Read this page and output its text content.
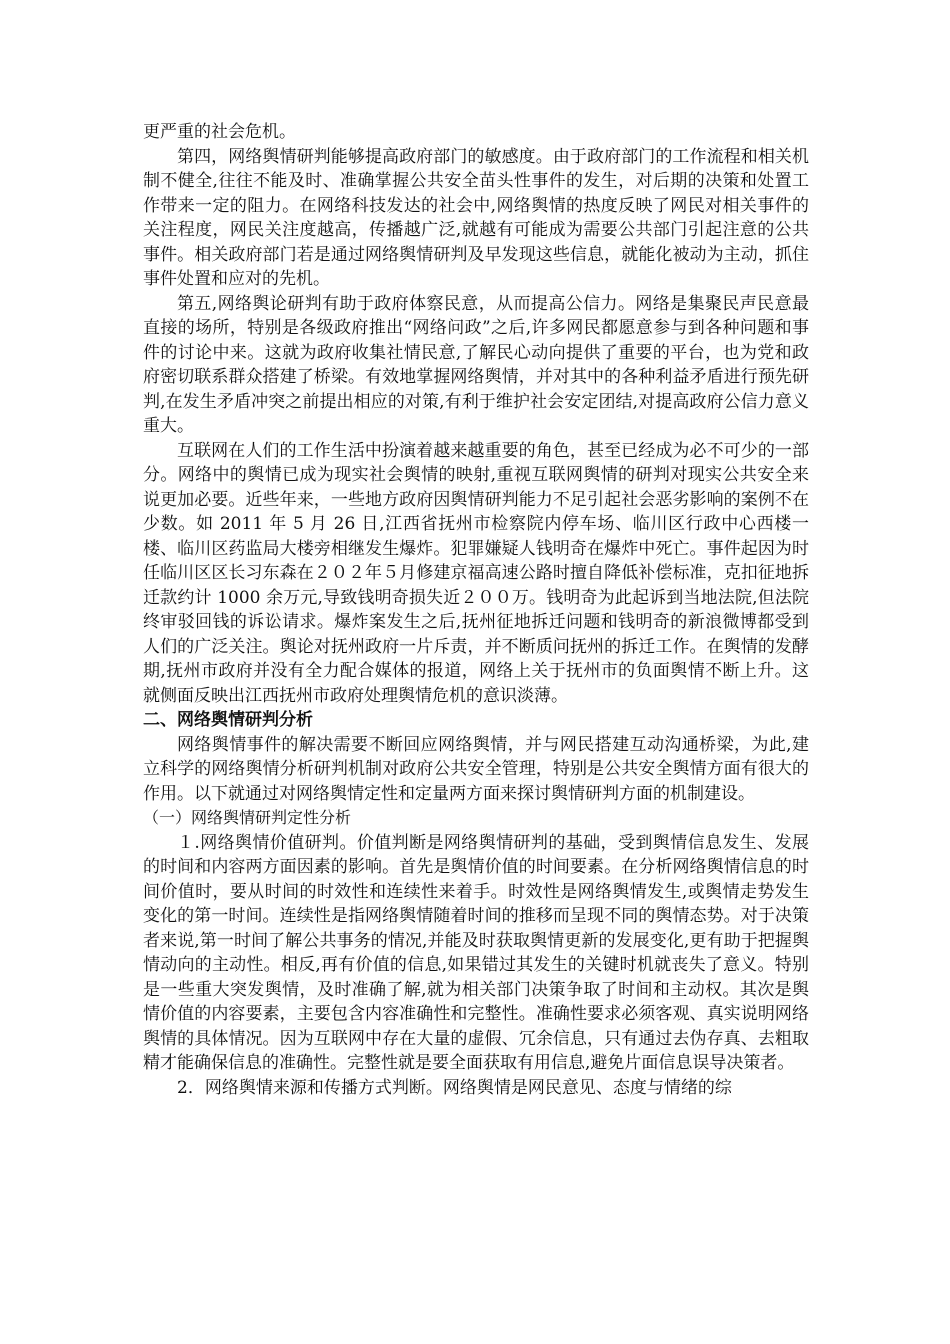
更严重的社会危机。

第四，网络舆情研判能够提高政府部门的敏感度。由于政府部门的工作流程和相关机制不健全,往往不能及时、准确掌握公共安全苗头性事件的发生，对后期的决策和处置工作带来一定的阻力。在网络科技发达的社会中,网络舆情的热度反映了网民对相关事件的关注程度，网民关注度越高，传播越广泛,就越有可能成为需要公共部门引起注意的公共事件。相关政府部门若是通过网络舆情研判及早发现这些信息，就能化被动为主动，抓住事件处置和应对的先机。

第五,网络舆论研判有助于政府体察民意，从而提高公信力。网络是集聚民声民意最直接的场所，特别是各级政府推出“网络问政”之后,许多网民都愿意参与到各种问题和事件的讨论中来。这就为政府收集社情民意,了解民心动向提供了重要的平台，也为党和政府密切联系群众搭建了桥梁。有效地掌握网络舆情，并对其中的各种利益矛盾进行预先研判,在发生矛盾冲突之前提出相应的对策,有利于维护社会安定团结,对提高政府公信力意义重大。

互联网在人们的工作生活中扮演着越来越重要的角色，甚至已经成为必不可少的一部分。网络中的舆情已成为现实社会舆情的映射,重视互联网舆情的研判对现实公共安全来说更加必要。近些年来，一些地方政府因舆情研判能力不足引起社会恶劣影响的案例不在少数。如 2011 年 5 月 26 日,江西省抚州市检察院内停车场、临川区行政中心西楼一楼、临川区药监局大楼旁相继发生爆炸。犯罪嫌疑人钱明奇在爆炸中死亡。事件起因为时任临川区区长习东森在２０２年５月修建京福高速公路时擅自降低补偿标准，克扣征地拆迁款约计 1000 余万元,导致钱明奇损失近２００万。钱明奇为此起诉到当地法院,但法院终审驳回钱的诉讼请求。爆炸案发生之后,抚州征地拆迁问题和钱明奇的新浪微博都受到人们的广泛关注。舆论对抚州政府一片斥责，并不断质问抚州的拆迁工作。在舆情的发酵期,抚州市政府并没有全力配合媒体的报道，网络上关于抚州市的负面舆情不断上升。这就侧面反映出江西抚州市政府处理舆情危机的意识淡薄。

二、网络舆情研判分析

网络舆情事件的解决需要不断回应网络舆情，并与网民搭建互动沟通桥梁，为此,建立科学的网络舆情分析研判机制对政府公共安全管理，特别是公共安全舆情方面有很大的作用。以下就通过对网络舆情定性和定量两方面来探讨舆情研判方面的机制建设。

（一）网络舆情研判定性分析

１.网络舆情价值研判。价值判断是网络舆情研判的基础，受到舆情信息发生、发展的时间和内容两方面因素的影响。首先是舆情价值的时间要素。在分析网络舆情信息的时间价值时，要从时间的时效性和连续性来着手。时效性是网络舆情发生,或舆情走势发生变化的第一时间。连续性是指网络舆情随着时间的推移而呈现不同的舆情态势。对于决策者来说,第一时间了解公共事务的情况,并能及时获取舆情更新的发展变化,更有助于把握舆情动向的主动性。相反,再有价值的信息,如果错过其发生的关键时机就丧失了意义。特别是一些重大突发舆情，及时准确了解,就为相关部门决策争取了时间和主动权。其次是舆情价值的内容要素，主要包含内容准确性和完整性。准确性要求必须客观、真实说明网络舆情的具体情况。因为互联网中存在大量的虚假、冗余信息，只有通过去伪存真、去粗取精才能确保信息的准确性。完整性就是要全面获取有用信息,避免片面信息误导决策者。

2．网络舆情来源和传播方式判断。网络舆情是网民意见、态度与情绪的综
